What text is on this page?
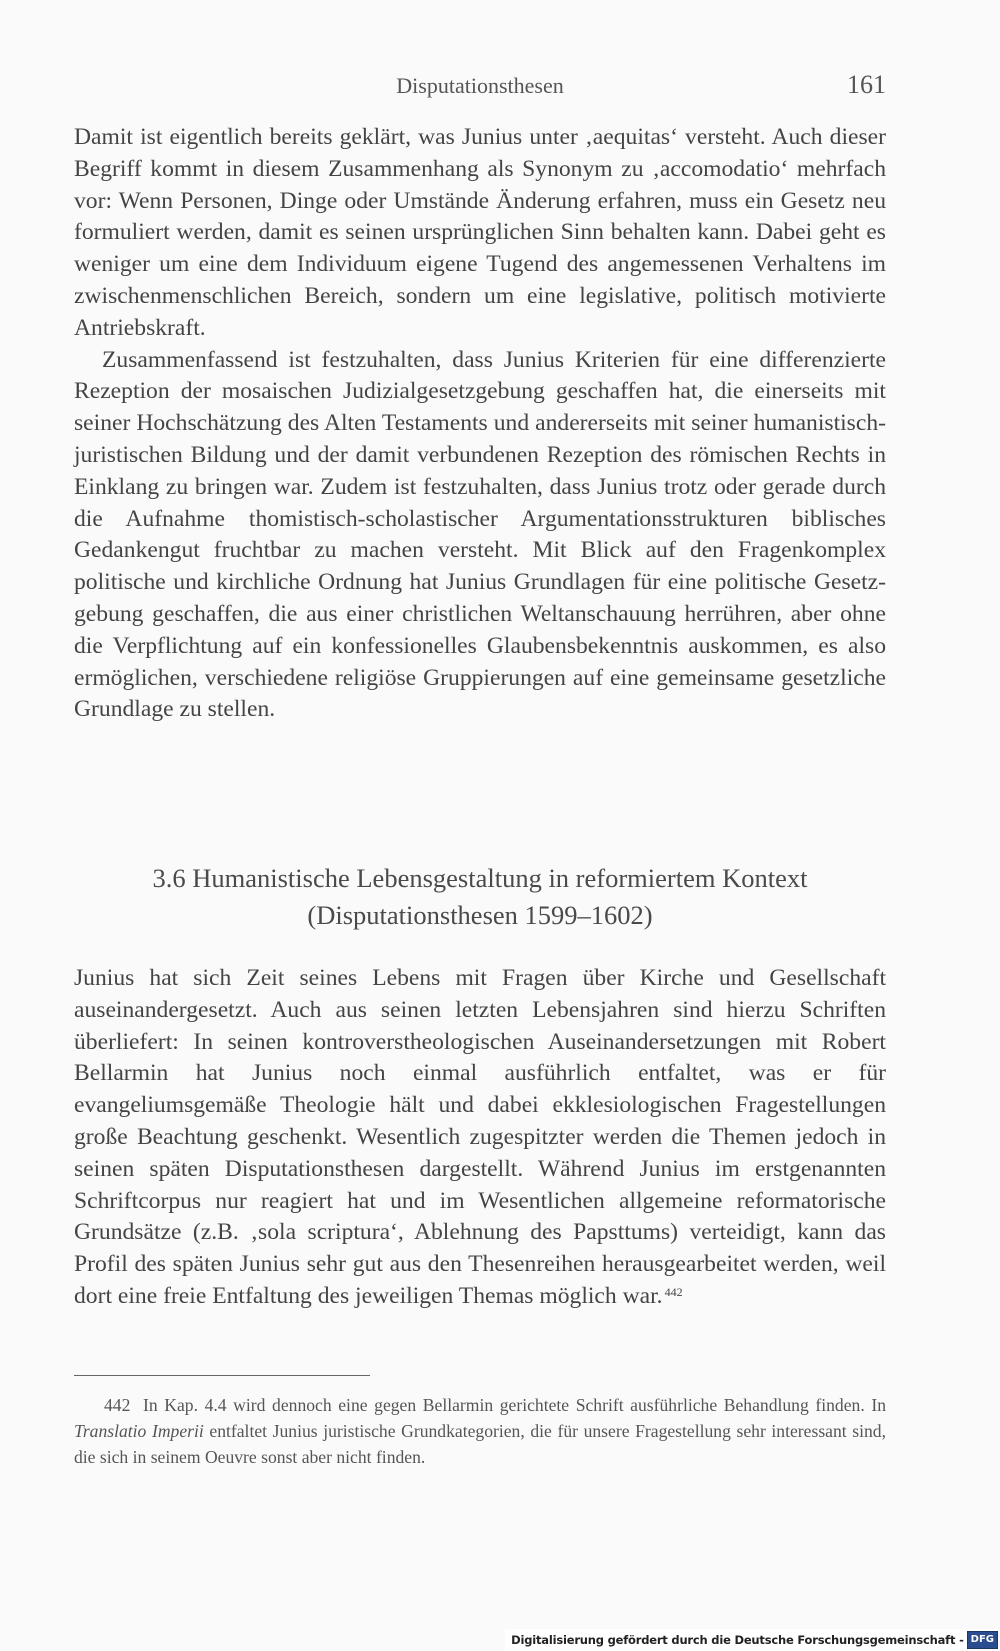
Disputationsthesen	161

Damit ist eigentlich bereits geklärt, was Junius unter ‚aequitas‘ versteht. Auch dieser Begriff kommt in diesem Zusammenhang als Synonym zu ‚accomodatio‘ mehrfach vor: Wenn Personen, Dinge oder Umstände Änderung erfahren, muss ein Gesetz neu formuliert werden, damit es seinen ursprünglichen Sinn behalten kann. Dabei geht es weniger um eine dem Individuum eigene Tugend des angemessenen Verhaltens im zwischenmenschlichen Bereich, sondern um eine legislative, politisch motivierte Antriebskraft.

Zusammenfassend ist festzuhalten, dass Junius Kriterien für eine differenzierte Rezeption der mosaischen Judizialgesetzgebung geschaffen hat, die einerseits mit seiner Hochschätzung des Alten Testaments und andererseits mit seiner humanistisch-juristischen Bildung und der damit verbundenen Rezeption des römischen Rechts in Einklang zu bringen war. Zudem ist festzuhalten, dass Junius trotz oder gerade durch die Aufnahme thomistisch-scholastischer Argumentationsstrukturen biblisches Gedankengut fruchtbar zu machen versteht. Mit Blick auf den Fragenkomplex politische und kirchliche Ordnung hat Junius Grundlagen für eine politische Gesetzgebung geschaffen, die aus einer christlichen Weltanschauung herrühren, aber ohne die Verpflichtung auf ein konfessionelles Glaubensbekenntnis auskommen, es also ermöglichen, verschiedene religiöse Gruppierungen auf eine gemeinsame gesetzliche Grundlage zu stellen.

3.6 Humanistische Lebensgestaltung in reformiertem Kontext
(Disputationsthesen 1599–1602)

Junius hat sich Zeit seines Lebens mit Fragen über Kirche und Gesellschaft auseinandergesetzt. Auch aus seinen letzten Lebensjahren sind hierzu Schriften überliefert: In seinen kontroverstheologischen Auseinandersetzungen mit Robert Bellarmin hat Junius noch einmal ausführlich entfaltet, was er für evangeliumsgemäße Theologie hält und dabei ekklesiologischen Fragestellungen große Beachtung geschenkt. Wesentlich zugespitzter werden die Themen jedoch in seinen späten Disputationsthesen dargestellt. Während Junius im erstgenannten Schriftcorpus nur reagiert hat und im Wesentlichen allgemeine reformatorische Grundsätze (z.B. ‚sola scriptura‘, Ablehnung des Papsttums) verteidigt, kann das Profil des späten Junius sehr gut aus den Thesenreihen herausgearbeitet werden, weil dort eine freie Entfaltung des jeweiligen Themas möglich war. $^{442}$

442 In Kap. 4.4 wird dennoch eine gegen Bellarmin gerichtete Schrift ausführliche Behandlung finden. In Translatio Imperii entfaltet Junius juristische Grundkategorien, die für unsere Fragestellung sehr interessant sind, die sich in seinem Oeuvre sonst aber nicht finden.

Digitalisierung gefördert durch die Deutsche Forschungsgemeinschaft - DFG
